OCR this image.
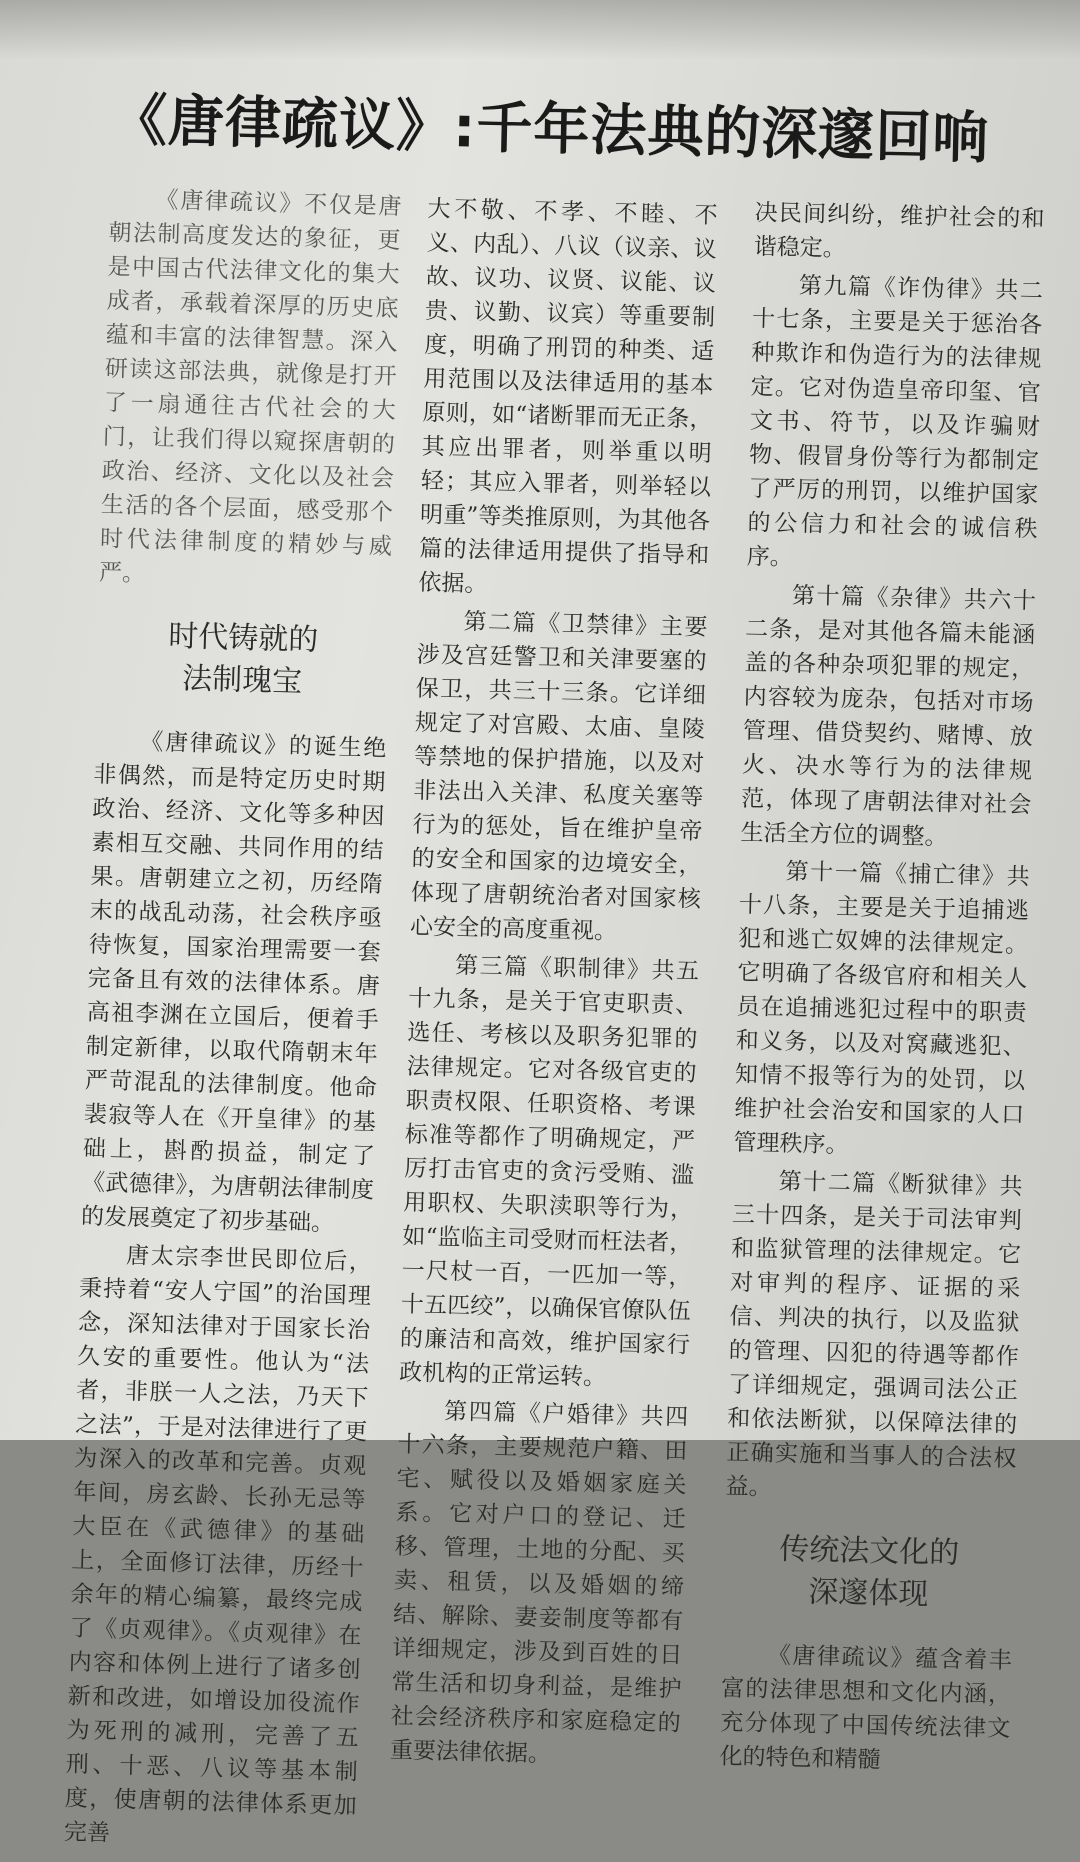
《唐律疏议》:千年法典的深邃回响

《唐律疏议》不仅是唐朝法制高度发达的象征，更是中国古代法律文化的集大成者，承载着深厚的历史底蕴和丰富的法律智慧。深入研读这部法典，就像是打开了一扇通往古代社会的大门，让我们得以窥探唐朝的政治、经济、文化以及社会生活的各个层面，感受那个时代法律制度的精妙与威严。

时代铸就的
法制瑰宝

《唐律疏议》的诞生绝非偶然，而是特定历史时期政治、经济、文化等多种因素相互交融、共同作用的结果。唐朝建立之初，历经隋末的战乱动荡，社会秩序亟待恢复，国家治理需要一套完备且有效的法律体系。唐高祖李渊在立国后，便着手制定新律，以取代隋朝末年严苛混乱的法律制度。他命裴寂等人在《开皇律》的基础上，斟酌损益，制定了《武德律》，为唐朝法律制度的发展奠定了初步基础。

唐太宗李世民即位后，秉持着“安人宁国”的治国理念，深知法律对于国家长治久安的重要性。他认为“法者，非朕一人之法，乃天下之法”，于是对法律进行了更为深入的改革和完善。贞观年间，房玄龄、长孙无忌等大臣在《武德律》的基础上，全面修订法律，历经十余年的精心编纂，最终完成了《贞观律》。《贞观律》在内容和体例上进行了诸多创新和改进，如增设加役流作为死刑的减刑，完善了五刑、十恶、八议等基本制度，使唐朝的法律体系更加完善

大不敬、不孝、不睦、不义、内乱）、八议（议亲、议故、议功、议贤、议能、议贵、议勤、议宾）等重要制度，明确了刑罚的种类、适用范围以及法律适用的基本原则，如“诸断罪而无正条，其应出罪者，则举重以明轻；其应入罪者，则举轻以明重”等类推原则，为其他各篇的法律适用提供了指导和依据。

第二篇《卫禁律》主要涉及宫廷警卫和关津要塞的保卫，共三十三条。它详细规定了对宫殿、太庙、皇陵等禁地的保护措施，以及对非法出入关津、私度关塞等行为的惩处，旨在维护皇帝的安全和国家的边境安全，体现了唐朝统治者对国家核心安全的高度重视。

第三篇《职制律》共五十九条，是关于官吏职责、选任、考核以及职务犯罪的法律规定。它对各级官吏的职责权限、任职资格、考课标准等都作了明确规定，严厉打击官吏的贪污受贿、滥用职权、失职渎职等行为，如“监临主司受财而枉法者，一尺杖一百，一匹加一等，十五匹绞”，以确保官僚队伍的廉洁和高效，维护国家行政机构的正常运转。

第四篇《户婚律》共四十六条，主要规范户籍、田宅、赋役以及婚姻家庭关系。它对户口的登记、迁移、管理，土地的分配、买卖、租赁，以及婚姻的缔结、解除、妻妾制度等都有详细规定，涉及到百姓的日常生活和切身利益，是维护社会经济秩序和家庭稳定的重要法律依据。

决民间纠纷，维护社会的和谐稳定。

第九篇《诈伪律》共二十七条，主要是关于惩治各种欺诈和伪造行为的法律规定。它对伪造皇帝印玺、官文书、符节，以及诈骗财物、假冒身份等行为都制定了严厉的刑罚，以维护国家的公信力和社会的诚信秩序。

第十篇《杂律》共六十二条，是对其他各篇未能涵盖的各种杂项犯罪的规定，内容较为庞杂，包括对市场管理、借贷契约、赌博、放火、决水等行为的法律规范，体现了唐朝法律对社会生活全方位的调整。

第十一篇《捕亡律》共十八条，主要是关于追捕逃犯和逃亡奴婢的法律规定。它明确了各级官府和相关人员在追捕逃犯过程中的职责和义务，以及对窝藏逃犯、知情不报等行为的处罚，以维护社会治安和国家的人口管理秩序。

第十二篇《断狱律》共三十四条，是关于司法审判和监狱管理的法律规定。它对审判的程序、证据的采信、判决的执行，以及监狱的管理、囚犯的待遇等都作了详细规定，强调司法公正和依法断狱，以保障法律的正确实施和当事人的合法权益。

传统法文化的
深邃体现

《唐律疏议》蕴含着丰富的法律思想和文化内涵，充分体现了中国传统法律文化的特色和精髓
